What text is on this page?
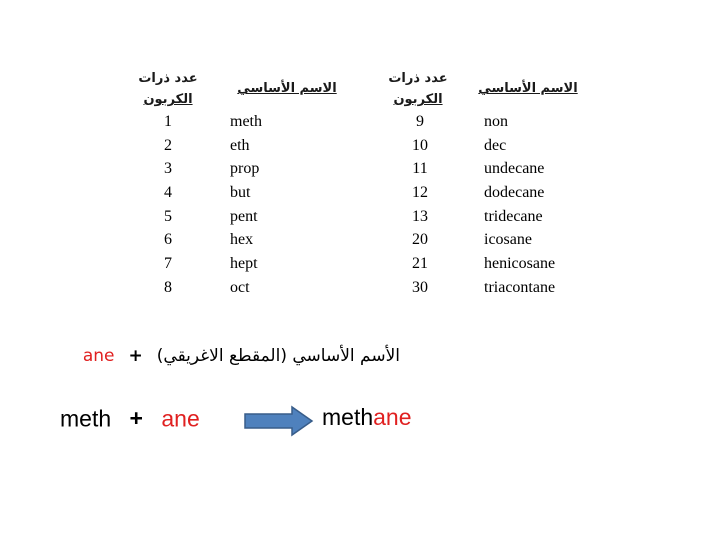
عدد ذرات
الكربون
الاسم الأساسي
عدد ذرات
الكربون
الاسم الأساسي
1
2
3
4
5
6
7
8
meth
eth
prop
but
pent
hex
hept
oct
9
10
11
12
13
20
21
30
non
dec
undecane
dodecane
tridecane
icosane
henicosane
triacontane
ane + الأسم الأساسي (المقطع الاغريقي)
meth + ane	methane
